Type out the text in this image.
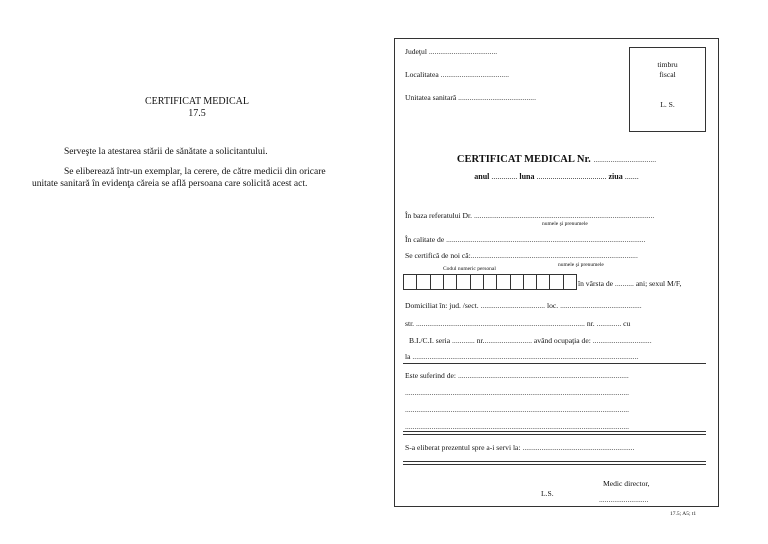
CERTIFICAT MEDICAL
17.5
Serveşte la atestarea stării de sănătate a solicitantului.
Se eliberează într-un exemplar, la cerere, de către medicii din oricare
unitate sanitară în evidenţa căreia se află persoana care solicită acest act.
Judeţul ....................................
Localitatea ....................................
Unitatea sanitară .........................................
timbru
fiscal
L. S.
CERTIFICAT MEDICAL Nr. .................................
anul ............. luna ................................... ziua .......
În baza referatului Dr. ...............................................................................................
numele şi prenumele
În calitate de .........................................................................................................
Se certifică de noi că:........................................................................................
numele şi prenumele
Codul numeric personal
în vârsta de .......... ani; sexul M/F,
Domiciliat în: jud. /sect. .................................. loc. ...........................................
str. ......................................................................................... nr. ............. cu
B.I./C.I. seria ............ nr.......................... având ocupaţia de: ...............................
la .......................................................................................................................
Este suferind de: ..........................................................................................
......................................................................................................................
......................................................................................................................
......................................................................................................................
S-a eliberat prezentul spre a-i servi la: ...........................................................
Medic director,
L.S.
..........................
17.5; A5; t1
